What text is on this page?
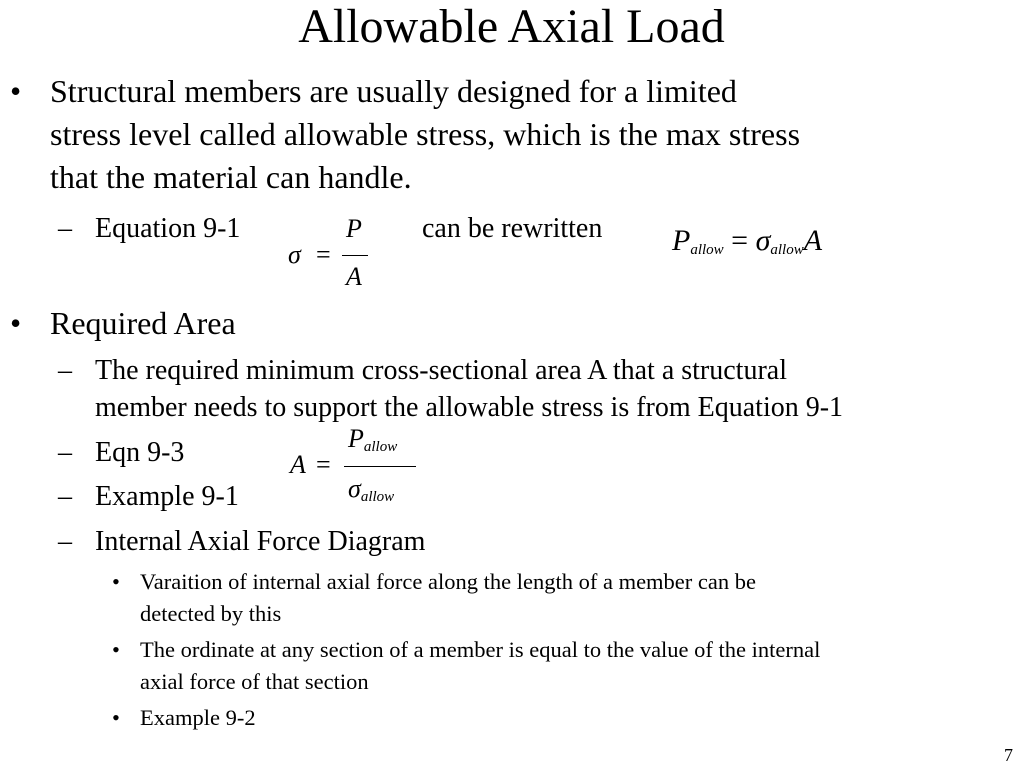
Allowable Axial Load
• Structural members are usually designed for a limited
stress level called allowable stress, which is the max stress
that the material can handle.
– Equation 9-1	can be rewritten
σ =
P
A
Pallow = σallowA
• Required Area
– The required minimum cross-sectional area A that a structural
member needs to support the allowable stress is from Equation 9-1
– Eqn 9-3	A =
Pallow
σallow
– Example 9-1
– Internal Axial Force Diagram
• Varaition of internal axial force along the length of a member can be
detected by this
• The ordinate at any section of a member is equal to the value of the internal
axial force of that section
• Example 9-2
7
